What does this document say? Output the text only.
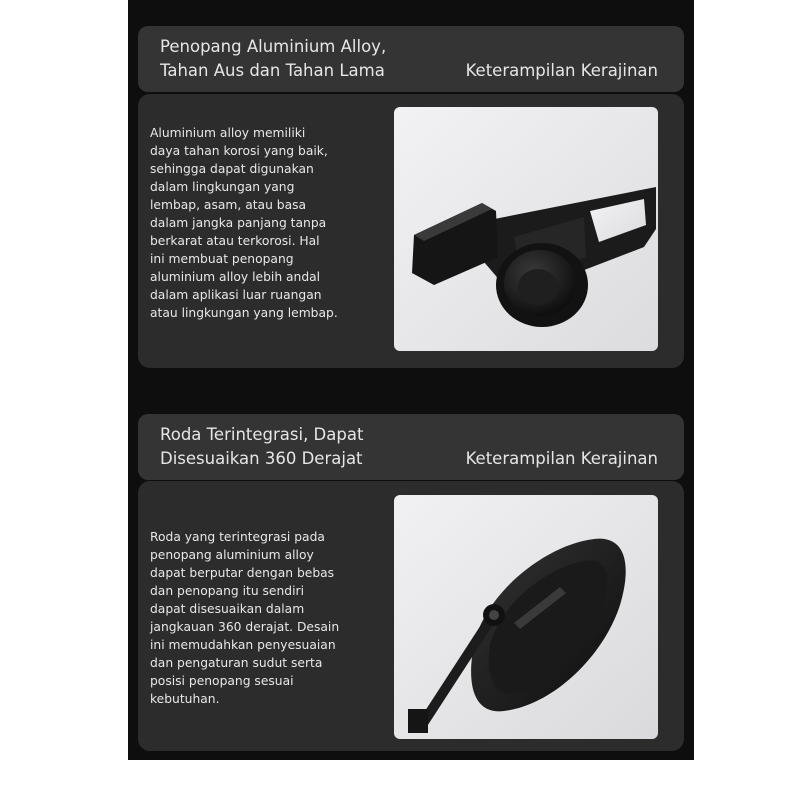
Penopang Aluminium Alloy,
Tahan Aus dan Tahan Lama	Keterampilan Kerajinan
Aluminium alloy memiliki
daya tahan korosi yang baik,
sehingga dapat digunakan
dalam lingkungan yang
lembap, asam, atau basa
dalam jangka panjang tanpa
berkarat atau terkorosi. Hal
ini membuat penopang
aluminium alloy lebih andal
dalam aplikasi luar ruangan
atau lingkungan yang lembap.
Roda Terintegrasi, Dapat
Disesuaikan 360 Derajat	Keterampilan Kerajinan
Roda yang terintegrasi pada
penopang aluminium alloy
dapat berputar dengan bebas
dan penopang itu sendiri
dapat disesuaikan dalam
jangkauan 360 derajat. Desain
ini memudahkan penyesuaian
dan pengaturan sudut serta
posisi penopang sesuai
kebutuhan.
